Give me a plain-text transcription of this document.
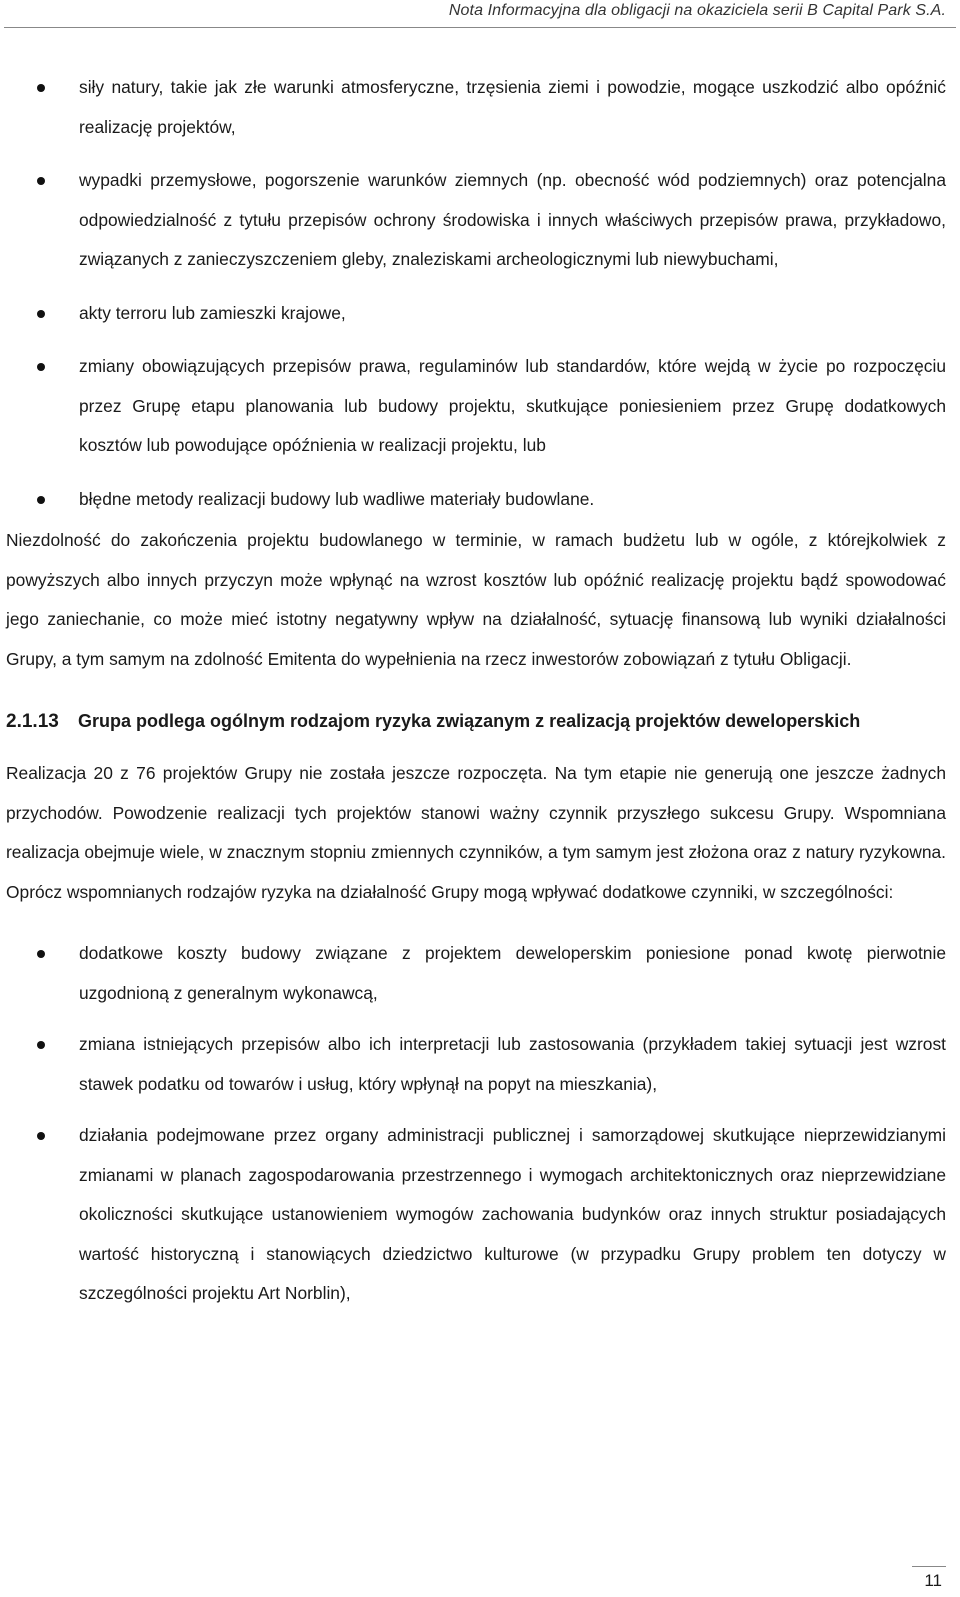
Nota Informacyjna dla obligacji na okaziciela serii B Capital Park S.A.
siły natury, takie jak złe warunki atmosferyczne, trzęsienia ziemi i powodzie, mogące uszkodzić albo opóźnić realizację projektów,
wypadki przemysłowe, pogorszenie warunków ziemnych (np. obecność wód podziemnych) oraz potencjalna odpowiedzialność z tytułu przepisów ochrony środowiska i innych właściwych przepisów prawa, przykładowo, związanych z zanieczyszczeniem gleby, znaleziskami archeologicznymi lub niewybuchami,
akty terroru lub zamieszki krajowe,
zmiany obowiązujących przepisów prawa, regulaminów lub standardów, które wejdą w życie po rozpoczęciu przez Grupę etapu planowania lub budowy projektu, skutkujące poniesieniem przez Grupę dodatkowych kosztów lub powodujące opóźnienia w realizacji projektu, lub
błędne metody realizacji budowy lub wadliwe materiały budowlane.

Niezdolność do zakończenia projektu budowlanego w terminie, w ramach budżetu lub w ogóle, z którejkolwiek z powyższych albo innych przyczyn może wpłynąć na wzrost kosztów lub opóźnić realizację projektu bądź spowodować jego zaniechanie, co może mieć istotny negatywny wpływ na działalność, sytuację finansową lub wyniki działalności Grupy, a tym samym na zdolność Emitenta do wypełnienia na rzecz inwestorów zobowiązań z tytułu Obligacji.

2.1.13	Grupa podlega ogólnym rodzajom ryzyka związanym z realizacją projektów deweloperskich

Realizacja 20 z 76 projektów Grupy nie została jeszcze rozpoczęta. Na tym etapie nie generują one jeszcze żadnych przychodów. Powodzenie realizacji tych projektów stanowi ważny czynnik przyszłego sukcesu Grupy. Wspomniana realizacja obejmuje wiele, w znacznym stopniu zmiennych czynników, a tym samym jest złożona oraz z natury ryzykowna. Oprócz wspomnianych rodzajów ryzyka na działalność Grupy mogą wpływać dodatkowe czynniki, w szczególności:

dodatkowe koszty budowy związane z projektem deweloperskim poniesione ponad kwotę pierwotnie uzgodnioną z generalnym wykonawcą,
zmiana istniejących przepisów albo ich interpretacji lub zastosowania (przykładem takiej sytuacji jest wzrost stawek podatku od towarów i usług, który wpłynął na popyt na mieszkania),
działania podejmowane przez organy administracji publicznej i samorządowej skutkujące nieprzewidzianymi zmianami w planach zagospodarowania przestrzennego i wymogach architektonicznych oraz nieprzewidziane okoliczności skutkujące ustanowieniem wymogów zachowania budynków oraz innych struktur posiadających wartość historyczną i stanowiących dziedzictwo kulturowe (w przypadku Grupy problem ten dotyczy w szczególności projektu Art Norblin),
11
